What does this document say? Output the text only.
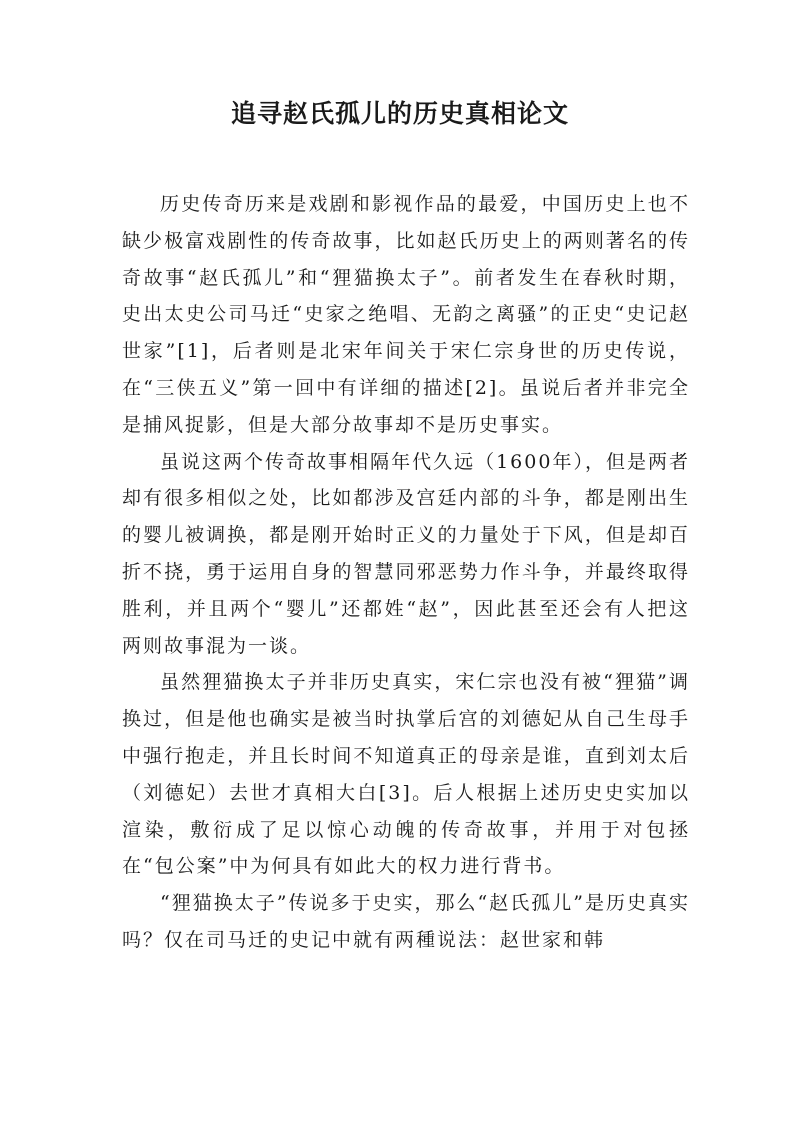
追寻赵氏孤儿的历史真相论文

历史传奇历来是戏剧和影视作品的最爱，中国历史上也不缺少极富戏剧性的传奇故事，比如赵氏历史上的两则著名的传奇故事“赵氏孤儿”和“狸猫换太子”。前者发生在春秋时期，史出太史公司马迁“史家之绝唱、无韵之离骚”的正史“史记赵世家”[1]，后者则是北宋年间关于宋仁宗身世的历史传说，在“三侠五义”第一回中有详细的描述[2]。虽说后者并非完全是捕风捉影，但是大部分故事却不是历史事实。

虽说这两个传奇故事相隔年代久远（1600年），但是两者却有很多相似之处，比如都涉及宫廷内部的斗争，都是刚出生的婴儿被调换，都是刚开始时正义的力量处于下风，但是却百折不挠，勇于运用自身的智慧同邪恶势力作斗争，并最终取得胜利，并且两个“婴儿”还都姓“赵”，因此甚至还会有人把这两则故事混为一谈。

虽然狸猫换太子并非历史真实，宋仁宗也没有被“狸猫”调换过，但是他也确实是被当时执掌后宫的刘德妃从自己生母手中强行抱走，并且长时间不知道真正的母亲是谁，直到刘太后（刘德妃）去世才真相大白[3]。后人根据上述历史史实加以渲染，敷衍成了足以惊心动魄的传奇故事，并用于对包拯在“包公案”中为何具有如此大的权力进行背书。

“狸猫换太子”传说多于史实，那么“赵氏孤儿”是历史真实吗？仅在司马迁的史记中就有两種说法：赵世家和韩
